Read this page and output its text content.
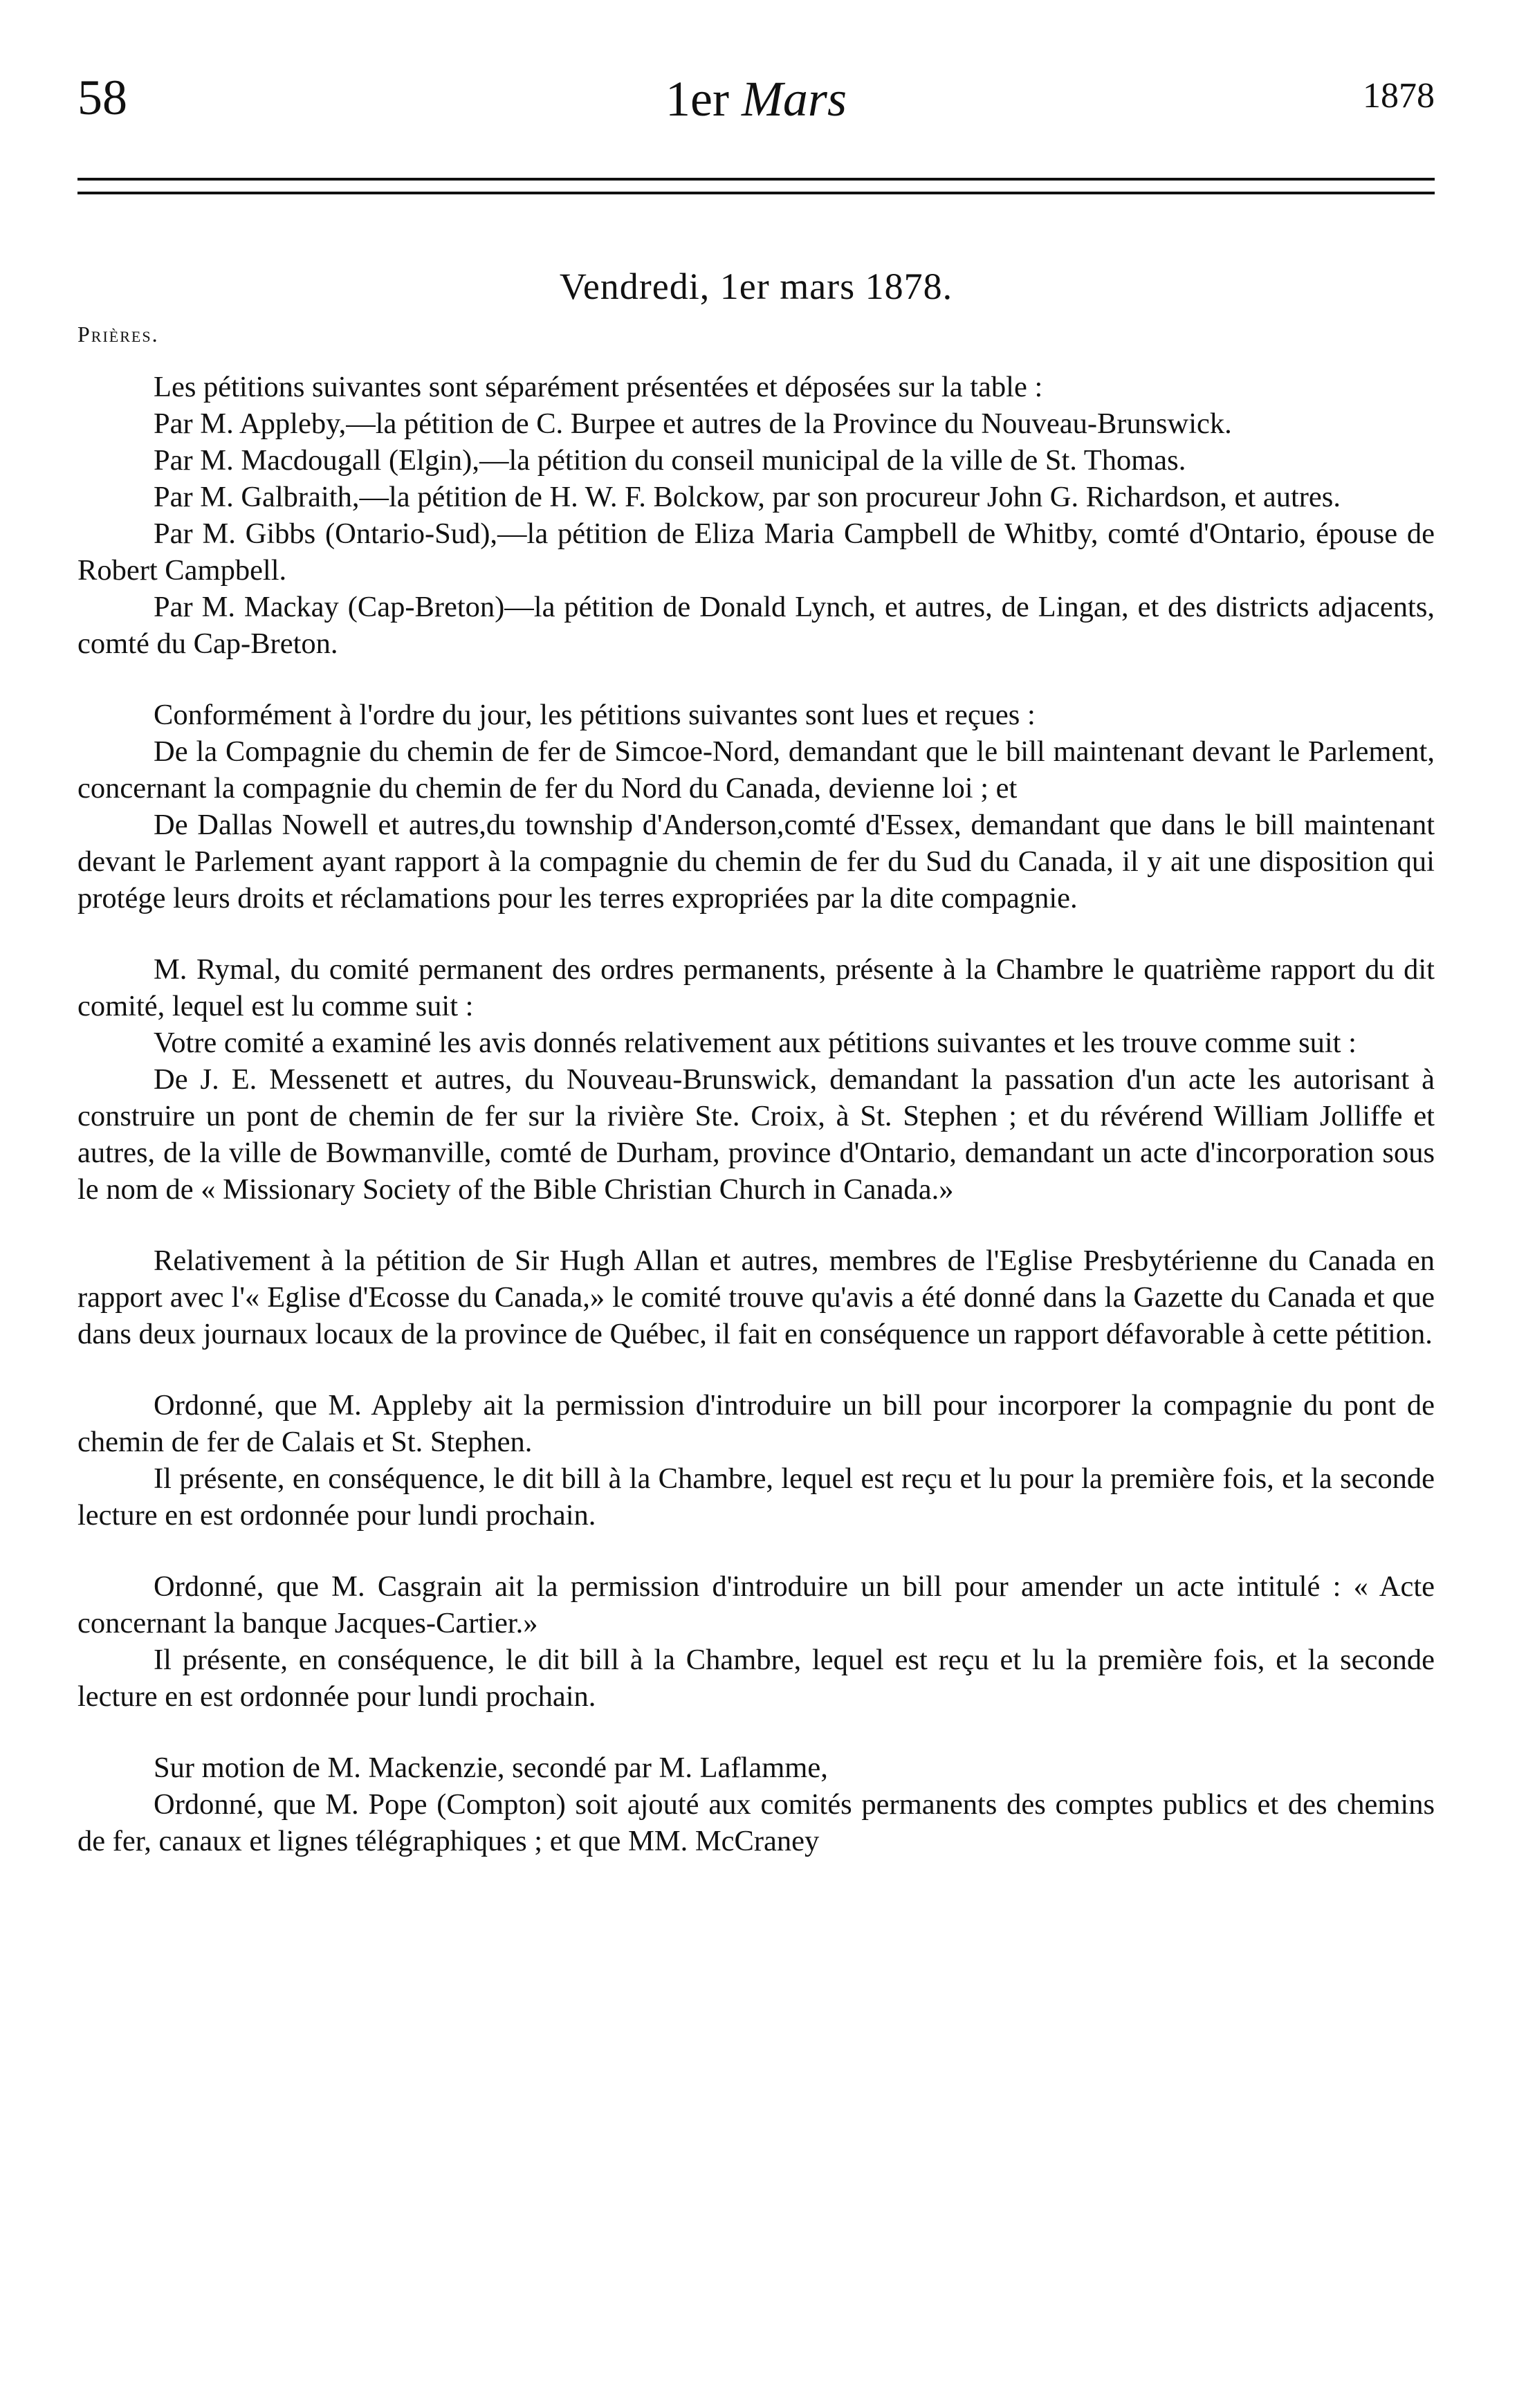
58	1er Mars	1878
Vendredi, 1er mars 1878.
Prières.

Les pétitions suivantes sont séparément présentées et déposées sur la table :

Par M. Appleby,—la pétition de C. Burpee et autres de la Province du Nouveau-Brunswick.

Par M. Macdougall (Elgin),—la pétition du conseil municipal de la ville de St. Thomas.

Par M. Galbraith,—la pétition de H. W. F. Bolckow, par son procureur John G. Richardson, et autres.

Par M. Gibbs (Ontario-Sud),—la pétition de Eliza Maria Campbell de Whitby, comté d'Ontario, épouse de Robert Campbell.

Par M. Mackay (Cap-Breton)—la pétition de Donald Lynch, et autres, de Lingan, et des districts adjacents, comté du Cap-Breton.

Conformément à l'ordre du jour, les pétitions suivantes sont lues et reçues :

De la Compagnie du chemin de fer de Simcoe-Nord, demandant que le bill maintenant devant le Parlement, concernant la compagnie du chemin de fer du Nord du Canada, devienne loi ; et

De Dallas Nowell et autres,du township d'Anderson,comté d'Essex, demandant que dans le bill maintenant devant le Parlement ayant rapport à la compagnie du chemin de fer du Sud du Canada, il y ait une disposition qui protége leurs droits et réclamations pour les terres expropriées par la dite compagnie.

M. Rymal, du comité permanent des ordres permanents, présente à la Chambre le quatrième rapport du dit comité, lequel est lu comme suit :

Votre comité a examiné les avis donnés relativement aux pétitions suivantes et les trouve comme suit :

De J. E. Messenett et autres, du Nouveau-Brunswick, demandant la passation d'un acte les autorisant à construire un pont de chemin de fer sur la rivière Ste. Croix, à St. Stephen ; et du révérend William Jolliffe et autres, de la ville de Bowmanville, comté de Durham, province d'Ontario, demandant un acte d'incorporation sous le nom de « Missionary Society of the Bible Christian Church in Canada.»

Relativement à la pétition de Sir Hugh Allan et autres, membres de l'Eglise Presbytérienne du Canada en rapport avec l'« Eglise d'Ecosse du Canada,» le comité trouve qu'avis a été donné dans la Gazette du Canada et que dans deux journaux locaux de la province de Québec, il fait en conséquence un rapport défavorable à cette pétition.

Ordonné, que M. Appleby ait la permission d'introduire un bill pour incorporer la compagnie du pont de chemin de fer de Calais et St. Stephen.

Il présente, en conséquence, le dit bill à la Chambre, lequel est reçu et lu pour la première fois, et la seconde lecture en est ordonnée pour lundi prochain.

Ordonné, que M. Casgrain ait la permission d'introduire un bill pour amender un acte intitulé : « Acte concernant la banque Jacques-Cartier.»

Il présente, en conséquence, le dit bill à la Chambre, lequel est reçu et lu la première fois, et la seconde lecture en est ordonnée pour lundi prochain.

Sur motion de M. Mackenzie, secondé par M. Laflamme,

Ordonné, que M. Pope (Compton) soit ajouté aux comités permanents des comptes publics et des chemins de fer, canaux et lignes télégraphiques ; et que MM. McCraney
